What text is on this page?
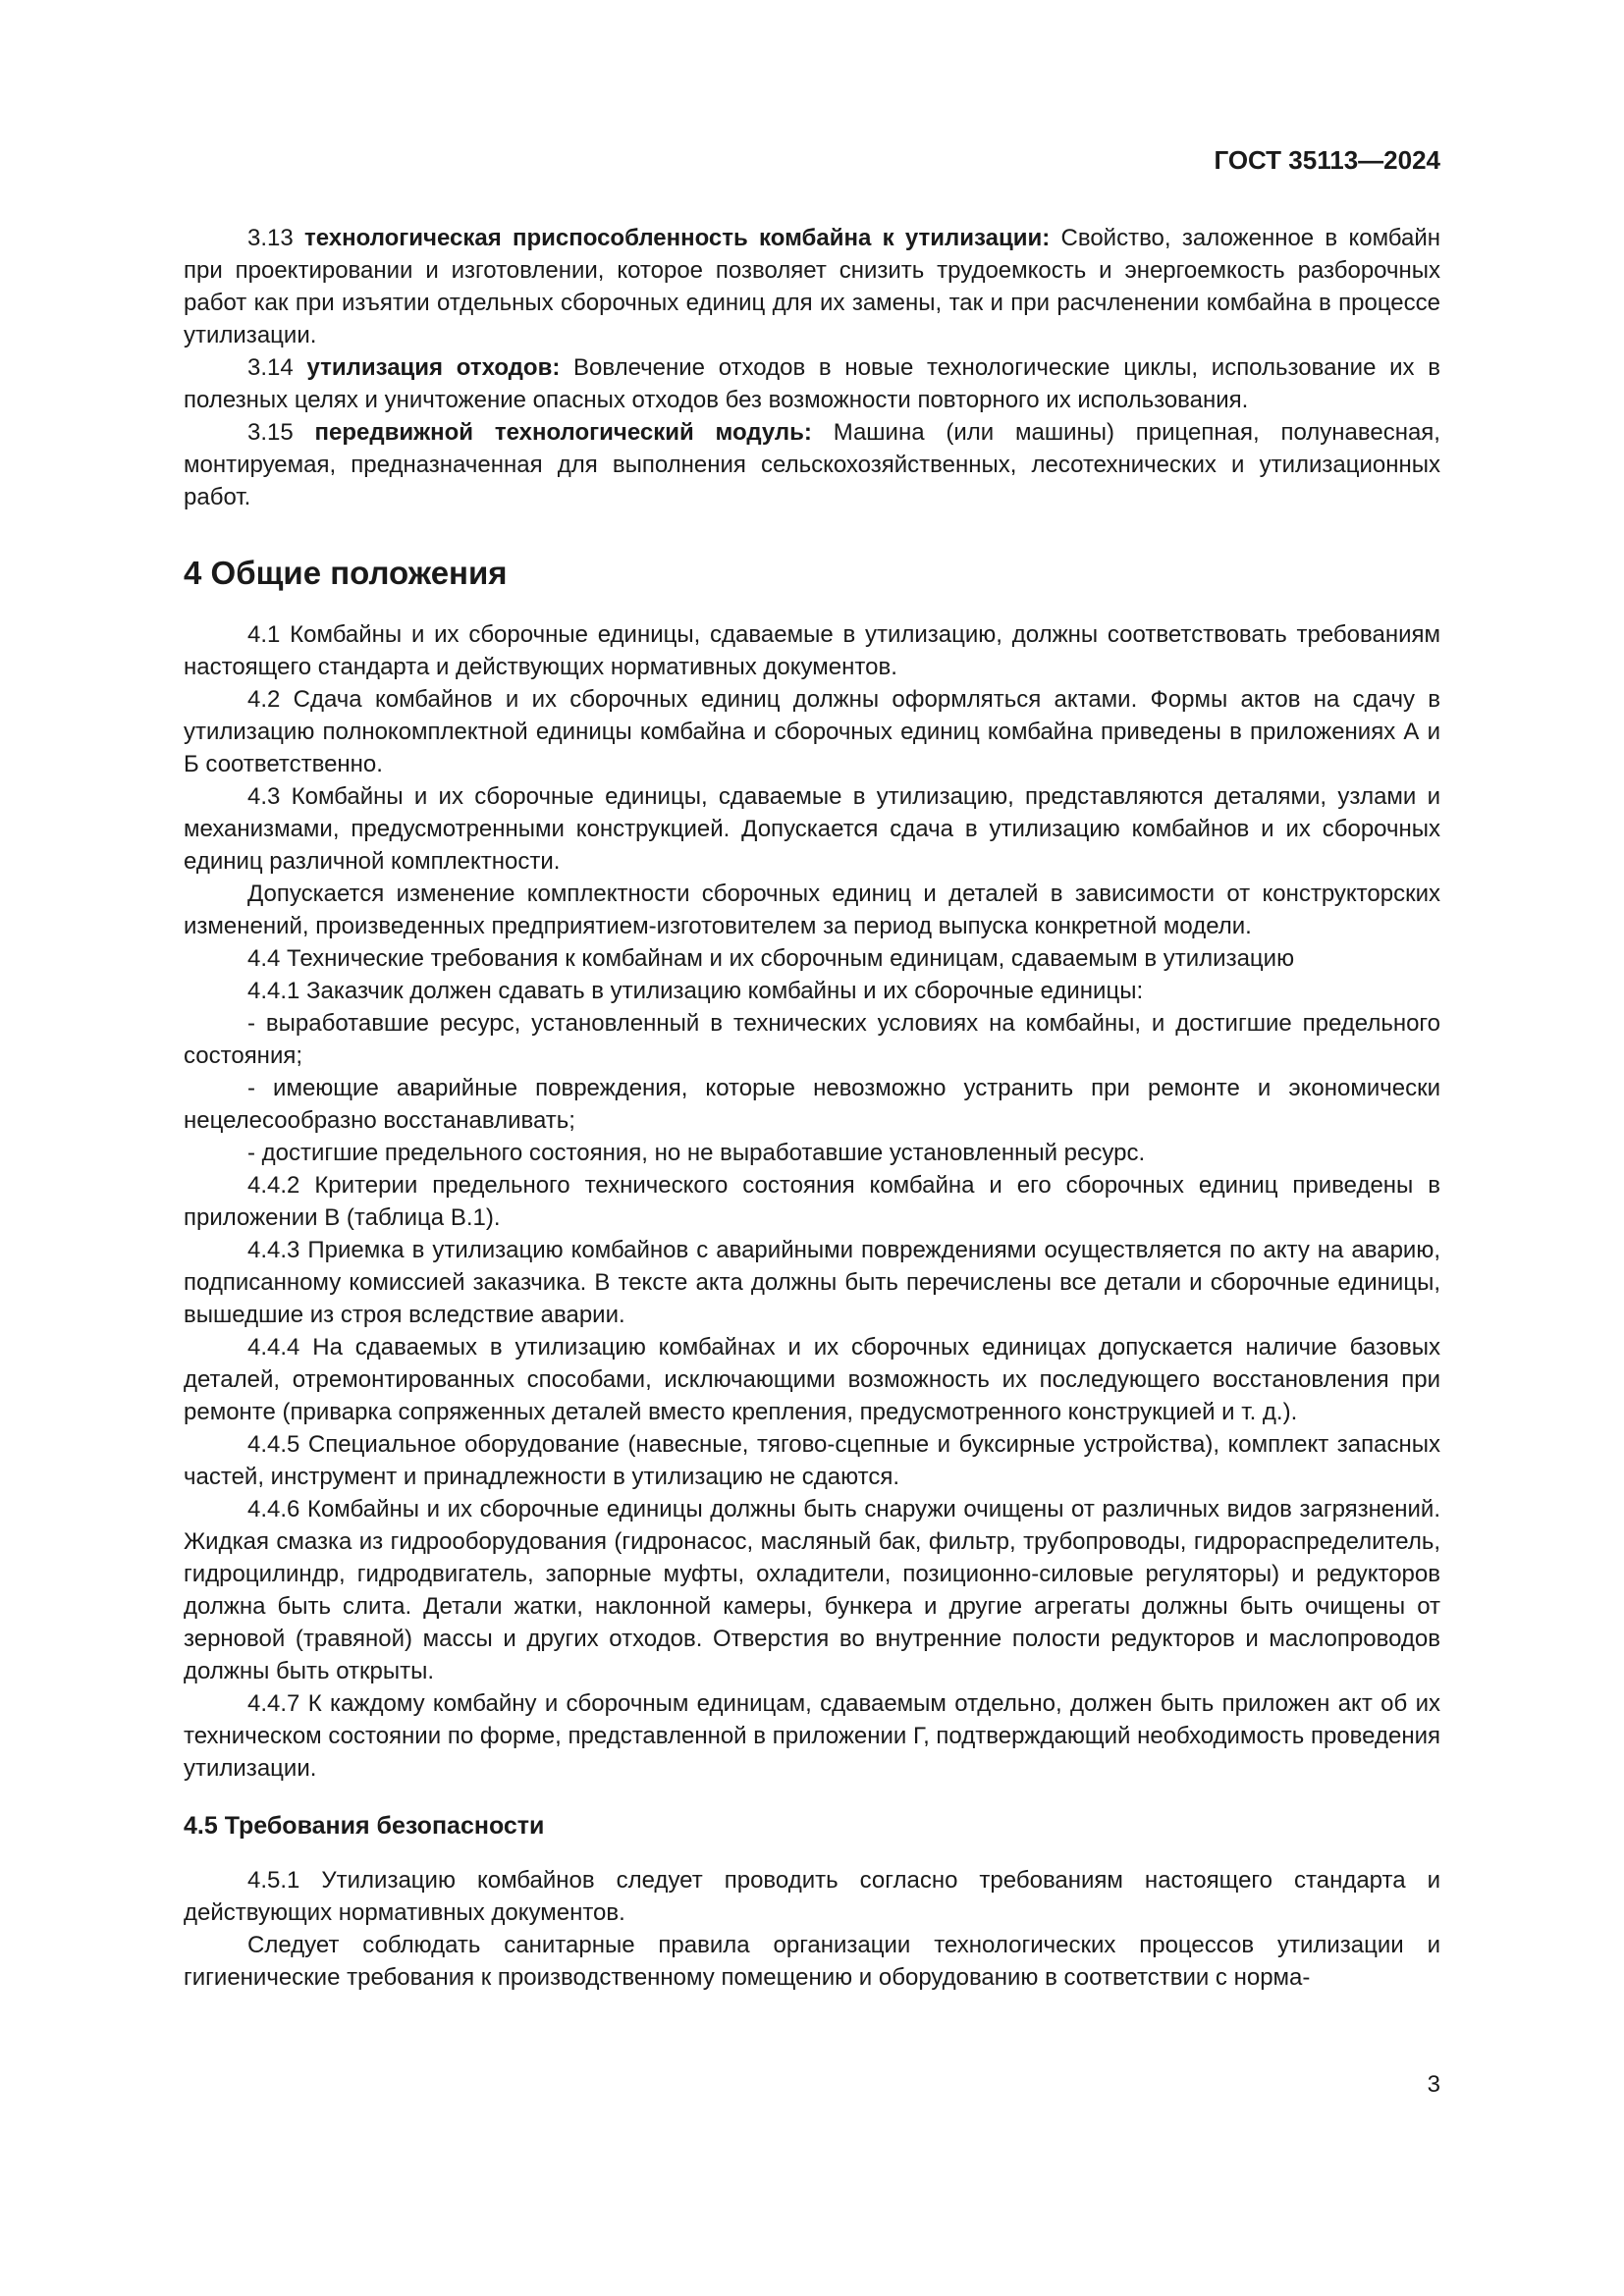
ГОСТ 35113—2024

3.13 технологическая приспособленность комбайна к утилизации: Свойство, заложенное в комбайн при проектировании и изготовлении, которое позволяет снизить трудоемкость и энергоемкость разборочных работ как при изъятии отдельных сборочных единиц для их замены, так и при расчленении комбайна в процессе утилизации.

3.14 утилизация отходов: Вовлечение отходов в новые технологические циклы, использование их в полезных целях и уничтожение опасных отходов без возможности повторного их использования.

3.15 передвижной технологический модуль: Машина (или машины) прицепная, полунавесная, монтируемая, предназначенная для выполнения сельскохозяйственных, лесотехнических и утилизационных работ.

4 Общие положения

4.1 Комбайны и их сборочные единицы, сдаваемые в утилизацию, должны соответствовать требованиям настоящего стандарта и действующих нормативных документов.

4.2 Сдача комбайнов и их сборочных единиц должны оформляться актами. Формы актов на сдачу в утилизацию полнокомплектной единицы комбайна и сборочных единиц комбайна приведены в приложениях А и Б соответственно.

4.3 Комбайны и их сборочные единицы, сдаваемые в утилизацию, представляются деталями, узлами и механизмами, предусмотренными конструкцией. Допускается сдача в утилизацию комбайнов и их сборочных единиц различной комплектности.

Допускается изменение комплектности сборочных единиц и деталей в зависимости от конструкторских изменений, произведенных предприятием-изготовителем за период выпуска конкретной модели.

4.4 Технические требования к комбайнам и их сборочным единицам, сдаваемым в утилизацию

4.4.1 Заказчик должен сдавать в утилизацию комбайны и их сборочные единицы:

- выработавшие ресурс, установленный в технических условиях на комбайны, и достигшие предельного состояния;

- имеющие аварийные повреждения, которые невозможно устранить при ремонте и экономически нецелесообразно восстанавливать;

- достигшие предельного состояния, но не выработавшие установленный ресурс.

4.4.2 Критерии предельного технического состояния комбайна и его сборочных единиц приведены в приложении В (таблица В.1).

4.4.3 Приемка в утилизацию комбайнов с аварийными повреждениями осуществляется по акту на аварию, подписанному комиссией заказчика. В тексте акта должны быть перечислены все детали и сборочные единицы, вышедшие из строя вследствие аварии.

4.4.4 На сдаваемых в утилизацию комбайнах и их сборочных единицах допускается наличие базовых деталей, отремонтированных способами, исключающими возможность их последующего восстановления при ремонте (приварка сопряженных деталей вместо крепления, предусмотренного конструкцией и т. д.).

4.4.5 Специальное оборудование (навесные, тягово-сцепные и буксирные устройства), комплект запасных частей, инструмент и принадлежности в утилизацию не сдаются.

4.4.6 Комбайны и их сборочные единицы должны быть снаружи очищены от различных видов загрязнений. Жидкая смазка из гидрооборудования (гидронасос, масляный бак, фильтр, трубопроводы, гидрораспределитель, гидроцилиндр, гидродвигатель, запорные муфты, охладители, позиционно-силовые регуляторы) и редукторов должна быть слита. Детали жатки, наклонной камеры, бункера и другие агрегаты должны быть очищены от зерновой (травяной) массы и других отходов. Отверстия во внутренние полости редукторов и маслопроводов должны быть открыты.

4.4.7 К каждому комбайну и сборочным единицам, сдаваемым отдельно, должен быть приложен акт об их техническом состоянии по форме, представленной в приложении Г, подтверждающий необходимость проведения утилизации.

4.5 Требования безопасности

4.5.1 Утилизацию комбайнов следует проводить согласно требованиям настоящего стандарта и действующих нормативных документов.

Следует соблюдать санитарные правила организации технологических процессов утилизации и гигиенические требования к производственному помещению и оборудованию в соответствии с норма-

3
